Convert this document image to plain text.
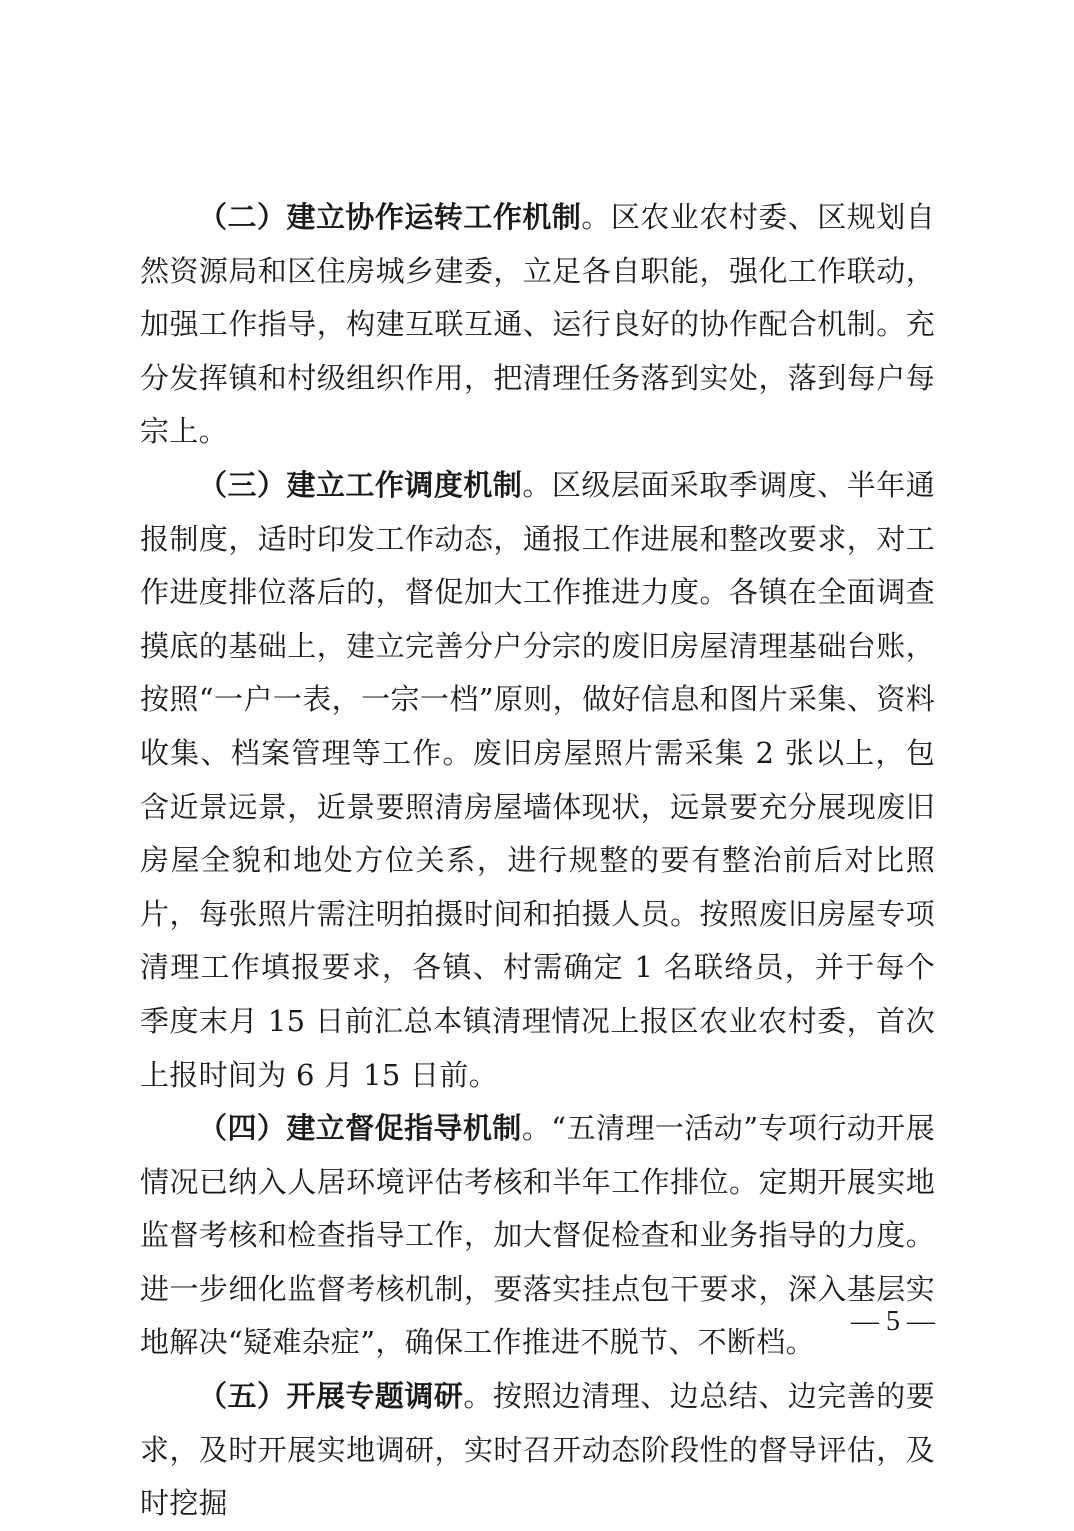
（二）建立协作运转工作机制。区农业农村委、区规划自然资源局和区住房城乡建委，立足各自职能，强化工作联动，加强工作指导，构建互联互通、运行良好的协作配合机制。充分发挥镇和村级组织作用，把清理任务落到实处，落到每户每宗上。

（三）建立工作调度机制。区级层面采取季调度、半年通报制度，适时印发工作动态，通报工作进展和整改要求，对工作进度排位落后的，督促加大工作推进力度。各镇在全面调查摸底的基础上，建立完善分户分宗的废旧房屋清理基础台账，按照“一户一表，一宗一档”原则，做好信息和图片采集、资料收集、档案管理等工作。废旧房屋照片需采集 2 张以上，包含近景远景，近景要照清房屋墙体现状，远景要充分展现废旧房屋全貌和地处方位关系，进行规整的要有整治前后对比照片，每张照片需注明拍摄时间和拍摄人员。按照废旧房屋专项清理工作填报要求，各镇、村需确定 1 名联络员，并于每个季度末月 15 日前汇总本镇清理情况上报区农业农村委，首次上报时间为 6 月 15 日前。

（四）建立督促指导机制。“五清理一活动”专项行动开展情况已纳入人居环境评估考核和半年工作排位。定期开展实地监督考核和检查指导工作，加大督促检查和业务指导的力度。进一步细化监督考核机制，要落实挂点包干要求，深入基层实地解决“疑难杂症”，确保工作推进不脱节、不断档。

（五）开展专题调研。按照边清理、边总结、边完善的要求，及时开展实地调研，实时召开动态阶段性的督导评估，及时挖掘

— 5 —
